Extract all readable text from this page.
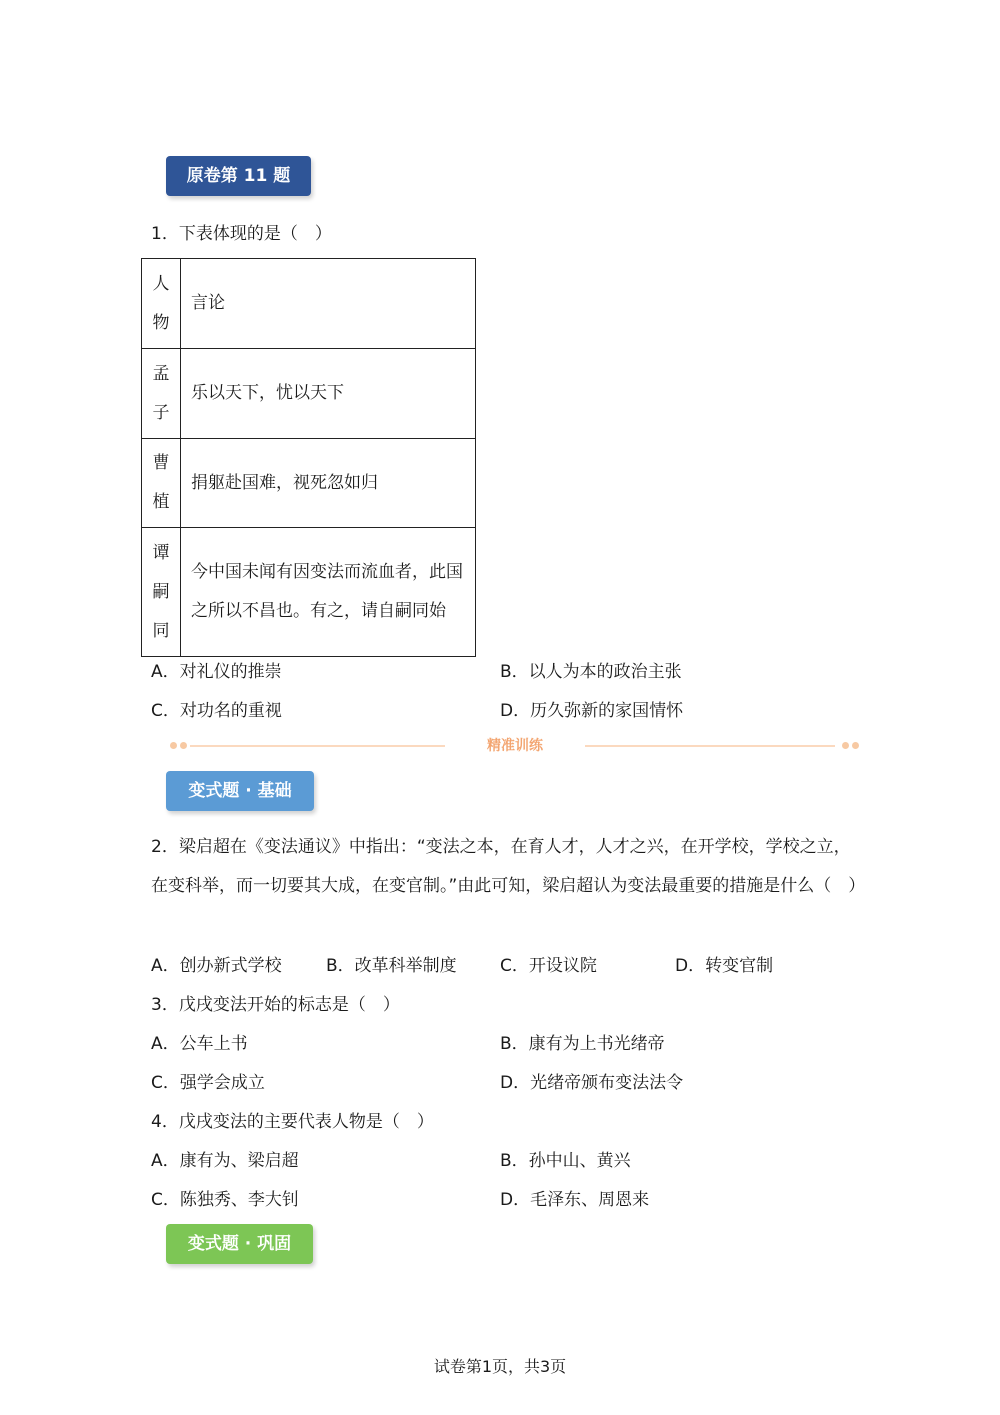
原卷第 11 题
1．下表体现的是（　）
人
物	言论

孟
子	乐以天下，忧以天下

曹
植	捐躯赴国难，视死忽如归

谭
嗣
同	今中国未闻有因变法而流血者，此国之所以不昌也。有之，请自嗣同始
A．对礼仪的推崇	B．以人为本的政治主张
C．对功名的重视	D．历久弥新的家国情怀
精准训练
变式题 · 基础
2．梁启超在《变法通议》中指出：“变法之本，在育人才，人才之兴，在开学校，学校之立，在变科举，而一切要其大成，在变官制。”由此可知，梁启超认为变法最重要的措施是什么（　）
A．创办新式学校	B．改革科举制度	C．开设议院	D．转变官制
3．戊戌变法开始的标志是（　）
A．公车上书	B．康有为上书光绪帝
C．强学会成立	D．光绪帝颁布变法法令
4．戊戌变法的主要代表人物是（　）
A．康有为、梁启超	B．孙中山、黄兴
C．陈独秀、李大钊	D．毛泽东、周恩来
变式题 · 巩固
试卷第1页，共3页
